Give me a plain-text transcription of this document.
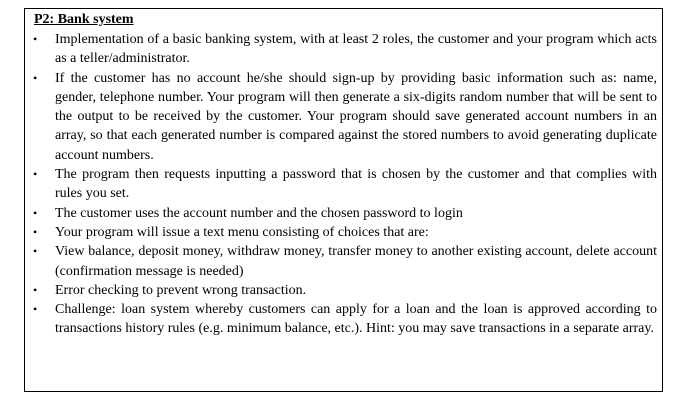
P2: Bank system
• Implementation of a basic banking system, with at least 2 roles, the customer and your program which acts as a teller/administrator.
• If the customer has no account he/she should sign-up by providing basic information such as: name, gender, telephone number. Your program will then generate a six-digits random number that will be sent to the output to be received by the customer. Your program should save generated account numbers in an array, so that each generated number is compared against the stored numbers to avoid generating duplicate account numbers.
• The program then requests inputting a password that is chosen by the customer and that complies with rules you set.
• The customer uses the account number and the chosen password to login
• Your program will issue a text menu consisting of choices that are:
• View balance, deposit money, withdraw money, transfer money to another existing account, delete account (confirmation message is needed)
• Error checking to prevent wrong transaction.
• Challenge: loan system whereby customers can apply for a loan and the loan is approved according to transactions history rules (e.g. minimum balance, etc.). Hint: you may save transactions in a separate array.
